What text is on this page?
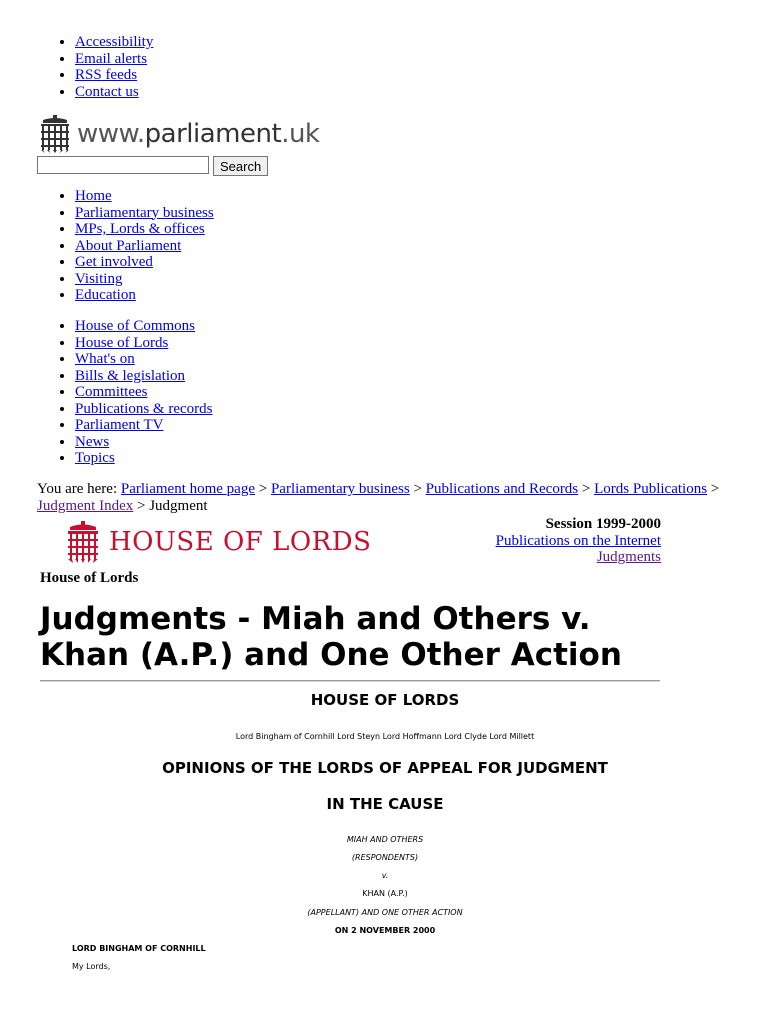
• Accessibility
• Email alerts
• RSS feeds
• Contact us
www.parliament.uk
Search
• Home
• Parliamentary business
• MPs, Lords & offices
• About Parliament
• Get involved
• Visiting
• Education
• House of Commons
• House of Lords
• What's on
• Bills & legislation
• Committees
• Publications & records
• Parliament TV
• News
• Topics
You are here: Parliament home page > Parliamentary business > Publications and Records > Lords Publications > Judgment Index > Judgment
HOUSE OF LORDS
Session 1999-2000
Publications on the Internet
Judgments
House of Lords
Judgments - Miah and Others v. Khan (A.P.) and One Other Action
HOUSE OF LORDS
Lord Bingham of Cornhill Lord Steyn Lord Hoffmann Lord Clyde Lord Millett
OPINIONS OF THE LORDS OF APPEAL FOR JUDGMENT
IN THE CAUSE
MIAH AND OTHERS
(RESPONDENTS)
v.
KHAN (A.P.)
(APPELLANT) AND ONE OTHER ACTION
ON 2 NOVEMBER 2000
LORD BINGHAM OF CORNHILL
My Lords,
